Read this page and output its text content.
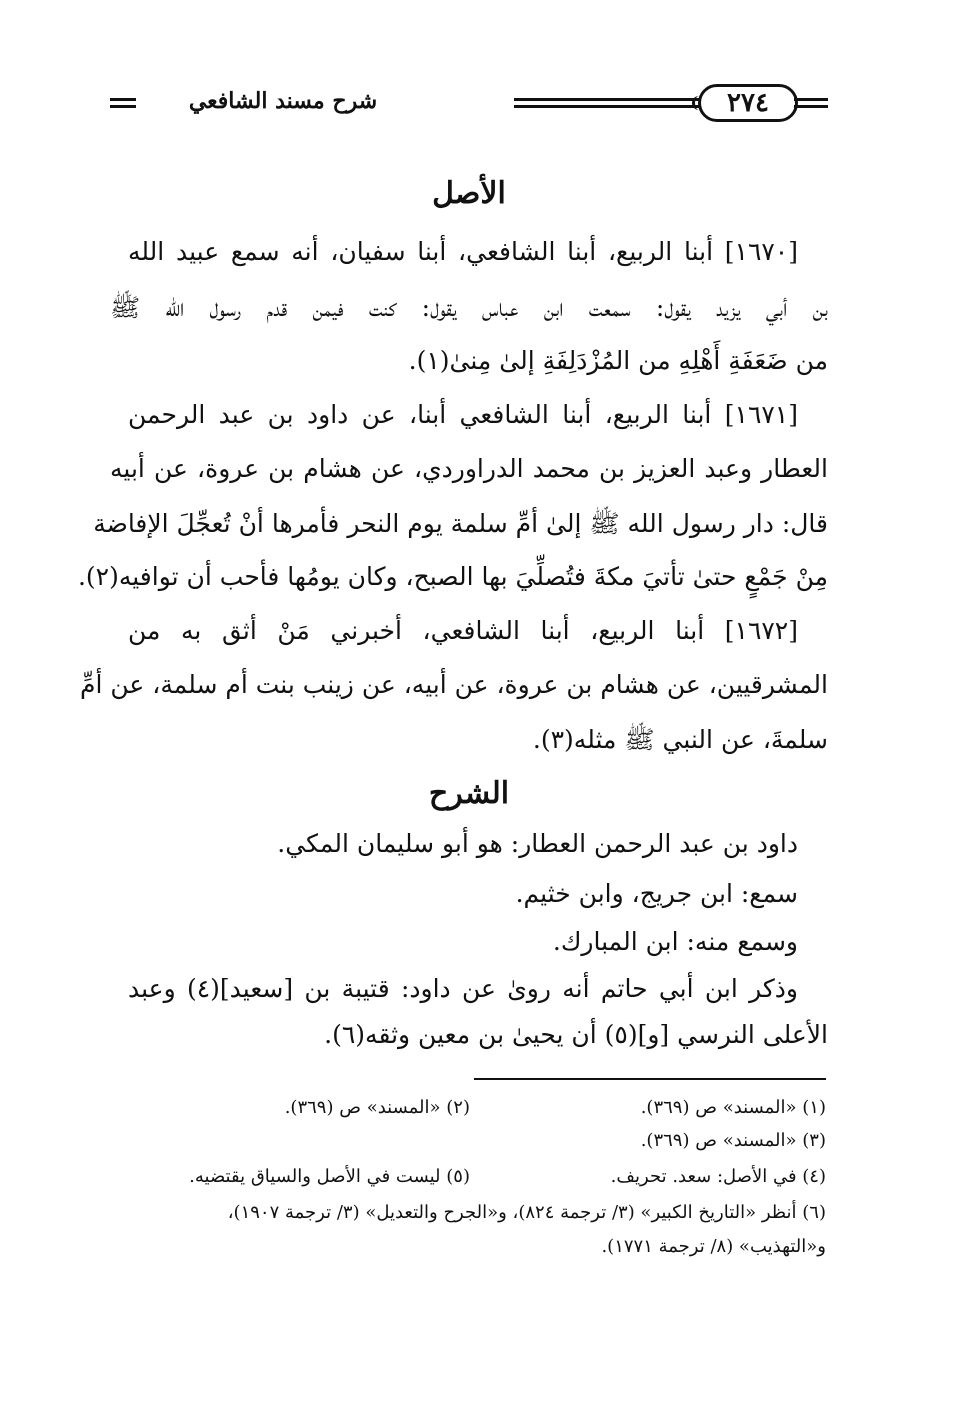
٢٧٤
شرح مسند الشافعي
الأصل
[١٦٧٠] أبنا الربيع، أبنا الشافعي، أبنا سفيان، أنه سمع عبيد الله
بن أبي يزيد يقول: سمعت ابن عباس يقول: كنت فيمن قدم رسول الله ﷺ
من ضَعَفَةِ أَهْلِهِ من المُزْدَلِفَةِ إلىٰ مِنىٰ(١).
[١٦٧١] أبنا الربيع، أبنا الشافعي أبنا، عن داود بن عبد الرحمن
العطار وعبد العزيز بن محمد الدراوردي، عن هشام بن عروة، عن أبيه
قال: دار رسول الله ﷺ إلىٰ أمِّ سلمة يوم النحر فأمرها أنْ تُعجِّلَ الإفاضة
مِنْ جَمْعٍ حتىٰ تأتيَ مكةَ فتُصلِّيَ بها الصبح، وكان يومُها فأحب أن توافيه(٢).
[١٦٧٢] أبنا الربيع، أبنا الشافعي، أخبرني مَنْ أثق به من
المشرقيين، عن هشام بن عروة، عن أبيه، عن زينب بنت أم سلمة، عن أمِّ
سلمةَ، عن النبي ﷺ مثله(٣).
الشرح
داود بن عبد الرحمن العطار: هو أبو سليمان المكي.
سمع: ابن جريج، وابن خثيم.
وسمع منه: ابن المبارك.
وذكر ابن أبي حاتم أنه روىٰ عن داود: قتيبة بن [سعيد](٤) وعبد
الأعلى النرسي [و](٥) أن يحيىٰ بن معين وثقه(٦).
(١) «المسند» ص (٣٦٩).
(٢) «المسند» ص (٣٦٩).
(٣) «المسند» ص (٣٦٩).
(٤) في الأصل: سعد. تحريف.
(٥) ليست في الأصل والسياق يقتضيه.
(٦) أنظر «التاريخ الكبير» (٣/ ترجمة ٨٢٤)، و«الجرح والتعديل» (٣/ ترجمة ١٩٠٧)،
و«التهذيب» (٨/ ترجمة ١٧٧١).
